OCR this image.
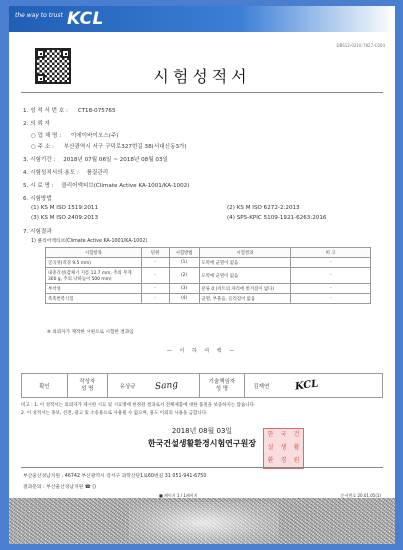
the way to trust KCL
DBS12-0210-7827-C004
시험성적서
1. 성 적 서 번 호 : CT18-075765
2. 의 뢰 자
○ 업 체 명 : 이에이바이오스(주)
○ 주 소 : 부산광역시 서구 구덕로327번길 38(서대신동3가)
3. 시험기간 : 2018년 07월 06일 ~ 2018년 08월 03일
4. 시험성적서의 용도 : 품질관리
5. 시 료 명 : 클리어액티브(Climate Active KA-1001/KA-1002)
6. 시험방법
(1) KS M ISO 1519:2011	(2) KS M ISO 6272-2:2013
(3) KS M ISO 2409:2013	(4) SPS-KPIC 5109-1921-6263:2016
7. 시험결과
1) 클리어액티브(Climate Active KA-1001/KA-1002)
시험항목	단위	시험방법	시험결과	비 고
굴곡성(직경 9.5 mm)	-	(1)	도막에 균열이 없음	-
내충격성(갑체기 지름 12.7 mm, 추의 무게 300 g, 추의 낙하높이 500 mm)	-	(2)	도막에 균열이 없음	-
부착성	-	(3)	분류 0 (커트의 자리에 벗겨짐이 없다)	-
촉촉반복식험	-	(4)	균열, 부풀음, 들리짐이 없음	-
※ 의뢰자가 제작한 시편으로 시험한 결과임
— 이 하 여 백 —
확인	작성자
성 명	유상규 Sang	기술책임자
성 명	김재연	KCL
비고 : 1. 이 성적서는 의뢰자가 제시한 시료 및 시료명에 한정된 결과로서 전체제품에 대한 품질을 보증하지는 않습니다.
2. 이 성적서는 홍보, 선전, 광고 및 소송용으로 사용될 수 없으며, 용도 이외의 사용을 금합니다.
2018년 08월 03일
한국건설생활환경시험연구원장
한	국	건
설	생	활
환	경	원
부산울산경남지원 : 46742 부산광역시 강서구 과학산단1로60번길 31 051-941-6750
결과문의 : 부산울산경남지원 ☎ ()
■ 페이지 1 / 1페이지	문서번호 20.01.05(1)
